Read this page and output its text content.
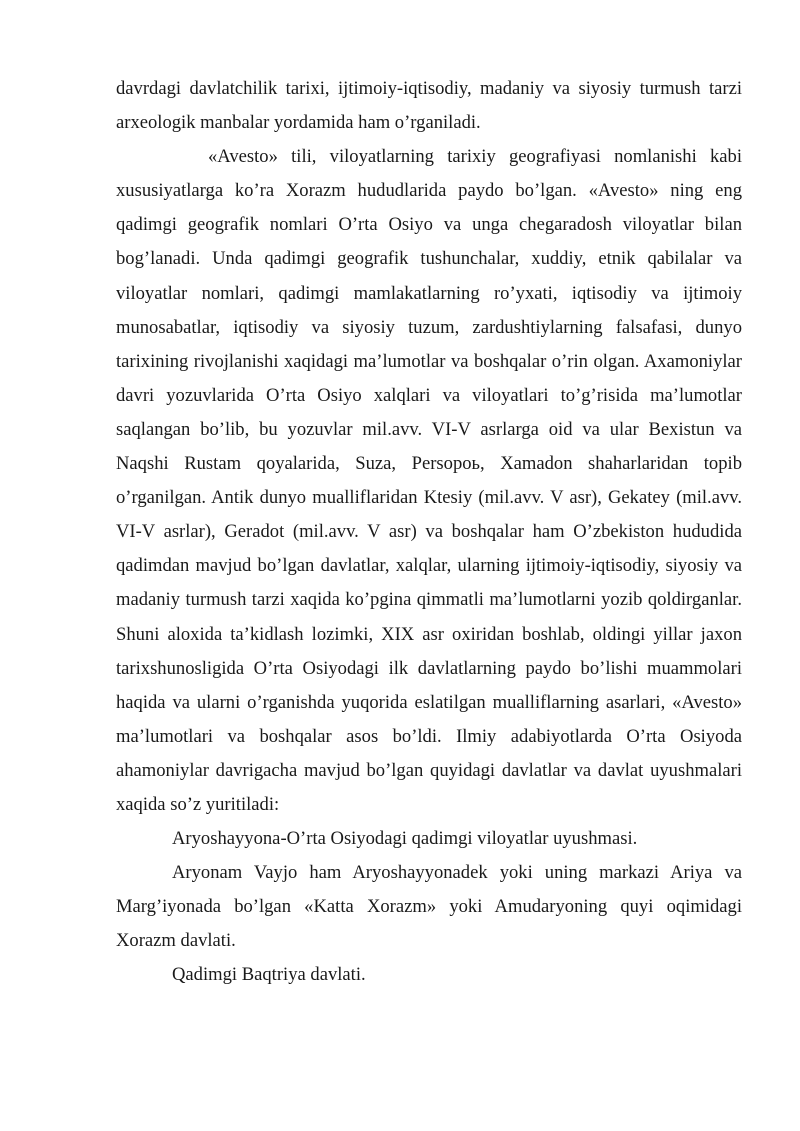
davrdagi davlatchilik tarixi, ijtimoiy-iqtisodiy, madaniy va siyosiy turmush tarzi arxeologik manbalar yordamida ham o’rganiladi.

«Avesto» tili, viloyatlarning tarixiy geografiyasi nomlanishi kabi xususiyatlarga ko’ra Xorazm hududlarida paydo bo’lgan. «Avesto» ning eng qadimgi geografik nomlari O’rta Osiyo va unga chegaradosh viloyatlar bilan bog’lanadi. Unda qadimgi geografik tushunchalar, xuddiy, etnik qabilalar va viloyatlar nomlari, qadimgi mamlakatlarning ro’yxati, iqtisodiy va ijtimoiy munosabatlar, iqtisodiy va siyosiy tuzum, zardushtiylarning falsafasi, dunyo tarixining rivojlanishi xaqidagi ma’lumotlar va boshqalar o’rin olgan. Axamoniylar davri yozuvlarida O’rta Osiyo xalqlari va viloyatlari to’g’risida ma’lumotlar saqlangan bo’lib, bu yozuvlar mil.avv. VI-V asrlarga oid va ular Bexistun va Naqshi Rustam qoyalarida, Suza, Persopoь, Xamadon shaharlaridan topib o’rganilgan. Antik dunyo mualliflaridan Ktesiy (mil.avv. V asr), Gekatey (mil.avv. VI-V asrlar), Geradot (mil.avv. V asr) va boshqalar ham O’zbekiston hududida qadimdan mavjud bo’lgan davlatlar, xalqlar, ularning ijtimoiy-iqtisodiy, siyosiy va madaniy turmush tarzi xaqida ko’pgina qimmatli ma’lumotlarni yozib qoldirganlar. Shuni aloxida ta’kidlash lozimki, XIX asr oxiridan boshlab, oldingi yillar jaxon tarixshunosligida O’rta Osiyodagi ilk davlatlarning paydo bo’lishi muammolari haqida va ularni o’rganishda yuqorida eslatilgan mualliflarning asarlari, «Avesto» ma’lumotlari va boshqalar asos bo’ldi. Ilmiy adabiyotlarda O’rta Osiyoda ahamoniylar davrigacha mavjud bo’lgan quyidagi davlatlar va davlat uyushmalari xaqida so’z yuritiladi:

Aryoshayyona-O’rta Osiyodagi qadimgi viloyatlar uyushmasi.

Aryonam Vayjo ham Aryoshayyonadek yoki uning markazi Ariya va Marg’iyonada bo’lgan «Katta Xorazm» yoki Amudaryoning quyi oqimidagi Xorazm davlati.

Qadimgi Baqtriya davlati.
